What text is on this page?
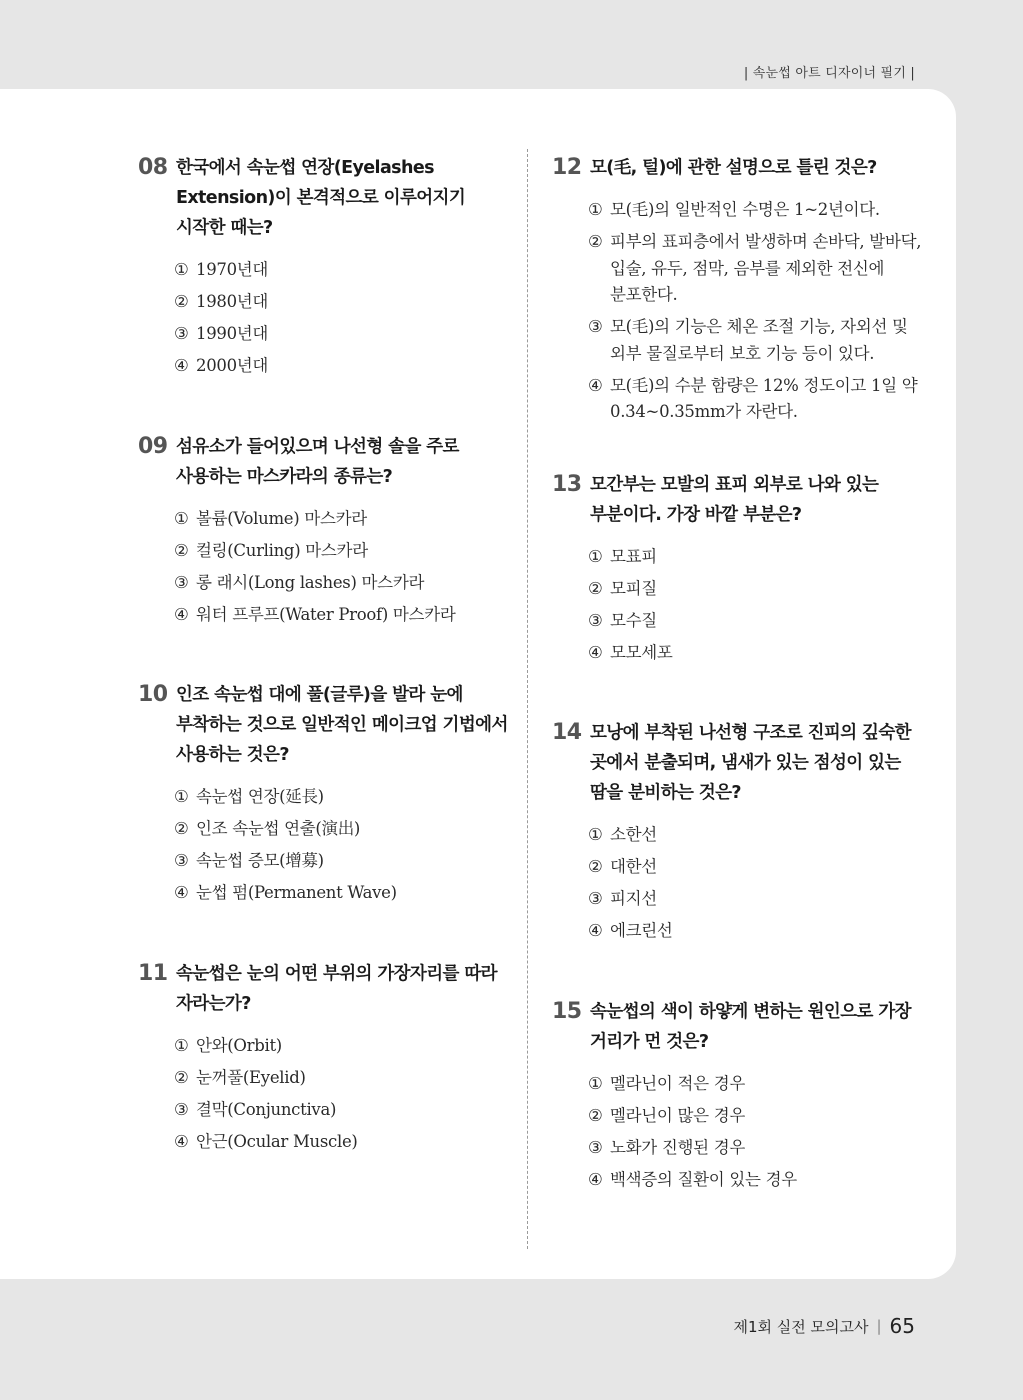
| 속눈썹 아트 디자이너 필기 |
08 한국에서 속눈썹 연장(Eyelashes Extension)이 본격적으로 이루어지기 시작한 때는?
① 1970년대
② 1980년대
③ 1990년대
④ 2000년대
09 섬유소가 들어있으며 나선형 솔을 주로 사용하는 마스카라의 종류는?
① 볼륨(Volume) 마스카라
② 컬링(Curling) 마스카라
③ 롱 래시(Long lashes) 마스카라
④ 워터 프루프(Water Proof) 마스카라
10 인조 속눈썹 대에 풀(글루)을 발라 눈에 부착하는 것으로 일반적인 메이크업 기법에서 사용하는 것은?
① 속눈썹 연장(延長)
② 인조 속눈썹 연출(演出)
③ 속눈썹 증모(增募)
④ 눈썹 펌(Permanent Wave)
11 속눈썹은 눈의 어떤 부위의 가장자리를 따라 자라는가?
① 안와(Orbit)
② 눈꺼풀(Eyelid)
③ 결막(Conjunctiva)
④ 안근(Ocular Muscle)
12 모(毛, 털)에 관한 설명으로 틀린 것은?
① 모(毛)의 일반적인 수명은 1~2년이다.
② 피부의 표피층에서 발생하며 손바닥, 발바닥, 입술, 유두, 점막, 음부를 제외한 전신에 분포한다.
③ 모(毛)의 기능은 체온 조절 기능, 자외선 및 외부 물질로부터 보호 기능 등이 있다.
④ 모(毛)의 수분 함량은 12% 정도이고 1일 약 0.34~0.35mm가 자란다.
13 모간부는 모발의 표피 외부로 나와 있는 부분이다. 가장 바깥 부분은?
① 모표피
② 모피질
③ 모수질
④ 모모세포
14 모낭에 부착된 나선형 구조로 진피의 깊숙한 곳에서 분출되며, 냄새가 있는 점성이 있는 땀을 분비하는 것은?
① 소한선
② 대한선
③ 피지선
④ 에크린선
15 속눈썹의 색이 하얗게 변하는 원인으로 가장 거리가 먼 것은?
① 멜라닌이 적은 경우
② 멜라닌이 많은 경우
③ 노화가 진행된 경우
④ 백색증의 질환이 있는 경우
제1회 실전 모의고사 | 65
